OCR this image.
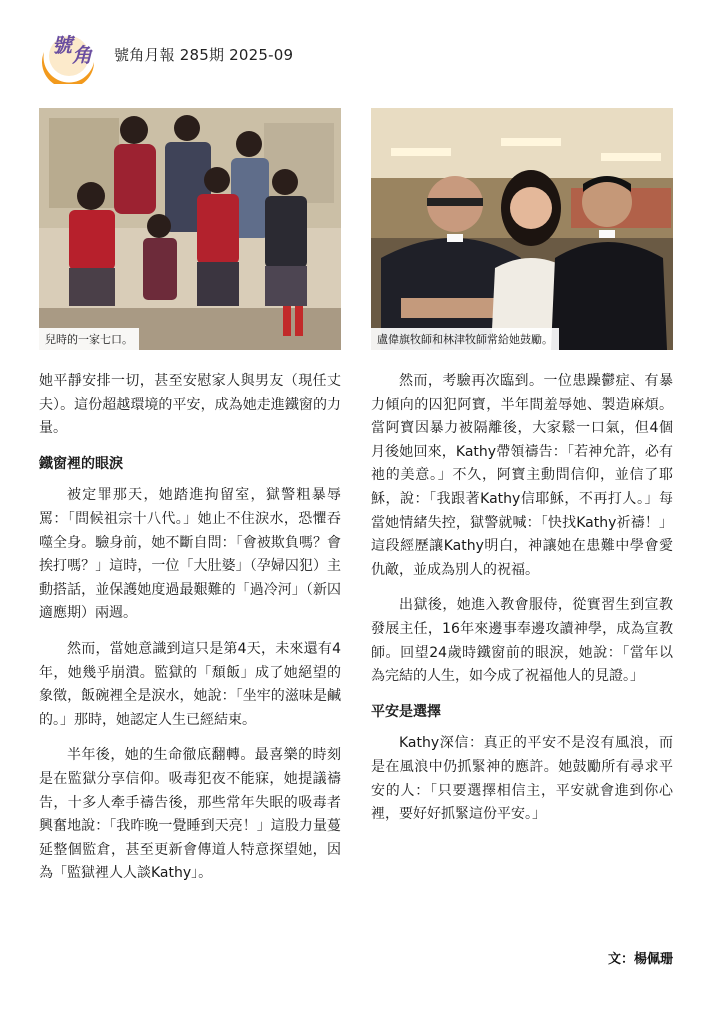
號 角 號角月報 285期 2025-09
兒時的一家七口。	盧偉旗牧師和林津牧師常給她鼓勵。

她平靜安排一切，甚至安慰家人與男友（現任丈夫）。這份超越環境的平安，成為她走進鐵窗的力量。

鐵窗裡的眼淚

被定罪那天，她踏進拘留室，獄警粗暴辱罵：「問候祖宗十八代。」她止不住淚水，恐懼吞噬全身。驗身前，她不斷自問：「會被欺負嗎？會挨打嗎？」這時，一位「大肚婆」（孕婦囚犯）主動搭話，並保護她度過最艱難的「過冷河」（新囚適應期）兩週。

然而，當她意識到這只是第4天，未來還有4年，她幾乎崩潰。監獄的「頹飯」成了她絕望的象徵，飯碗裡全是淚水，她說：「坐牢的滋味是鹹的。」那時，她認定人生已經結束。

半年後，她的生命徹底翻轉。最喜樂的時刻是在監獄分享信仰。吸毒犯夜不能寐，她提議禱告，十多人牽手禱告後，那些常年失眠的吸毒者興奮地說：「我昨晚一覺睡到天亮！」這股力量蔓延整個監倉，甚至更新會傳道人特意探望她，因為「監獄裡人人談Kathy」。

然而，考驗再次臨到。一位患躁鬱症、有暴力傾向的囚犯阿寶，半年間羞辱她、製造麻煩。當阿寶因暴力被隔離後，大家鬆一口氣，但4個月後她回來，Kathy帶領禱告：「若神允許，必有祂的美意。」不久，阿寶主動問信仰，並信了耶穌，說：「我跟著Kathy信耶穌，不再打人。」每當她情緒失控，獄警就喊：「快找Kathy祈禱！」這段經歷讓Kathy明白，神讓她在患難中學會愛仇敵，並成為別人的祝福。

出獄後，她進入教會服侍，從實習生到宣教發展主任，16年來邊事奉邊攻讀神學，成為宣教師。回望24歲時鐵窗前的眼淚，她說：「當年以為完結的人生，如今成了祝福他人的見證。」

平安是選擇

Kathy深信：真正的平安不是沒有風浪，而是在風浪中仍抓緊神的應許。她鼓勵所有尋求平安的人：「只要選擇相信主，平安就會進到你心裡，要好好抓緊這份平安。」

文：楊佩珊
